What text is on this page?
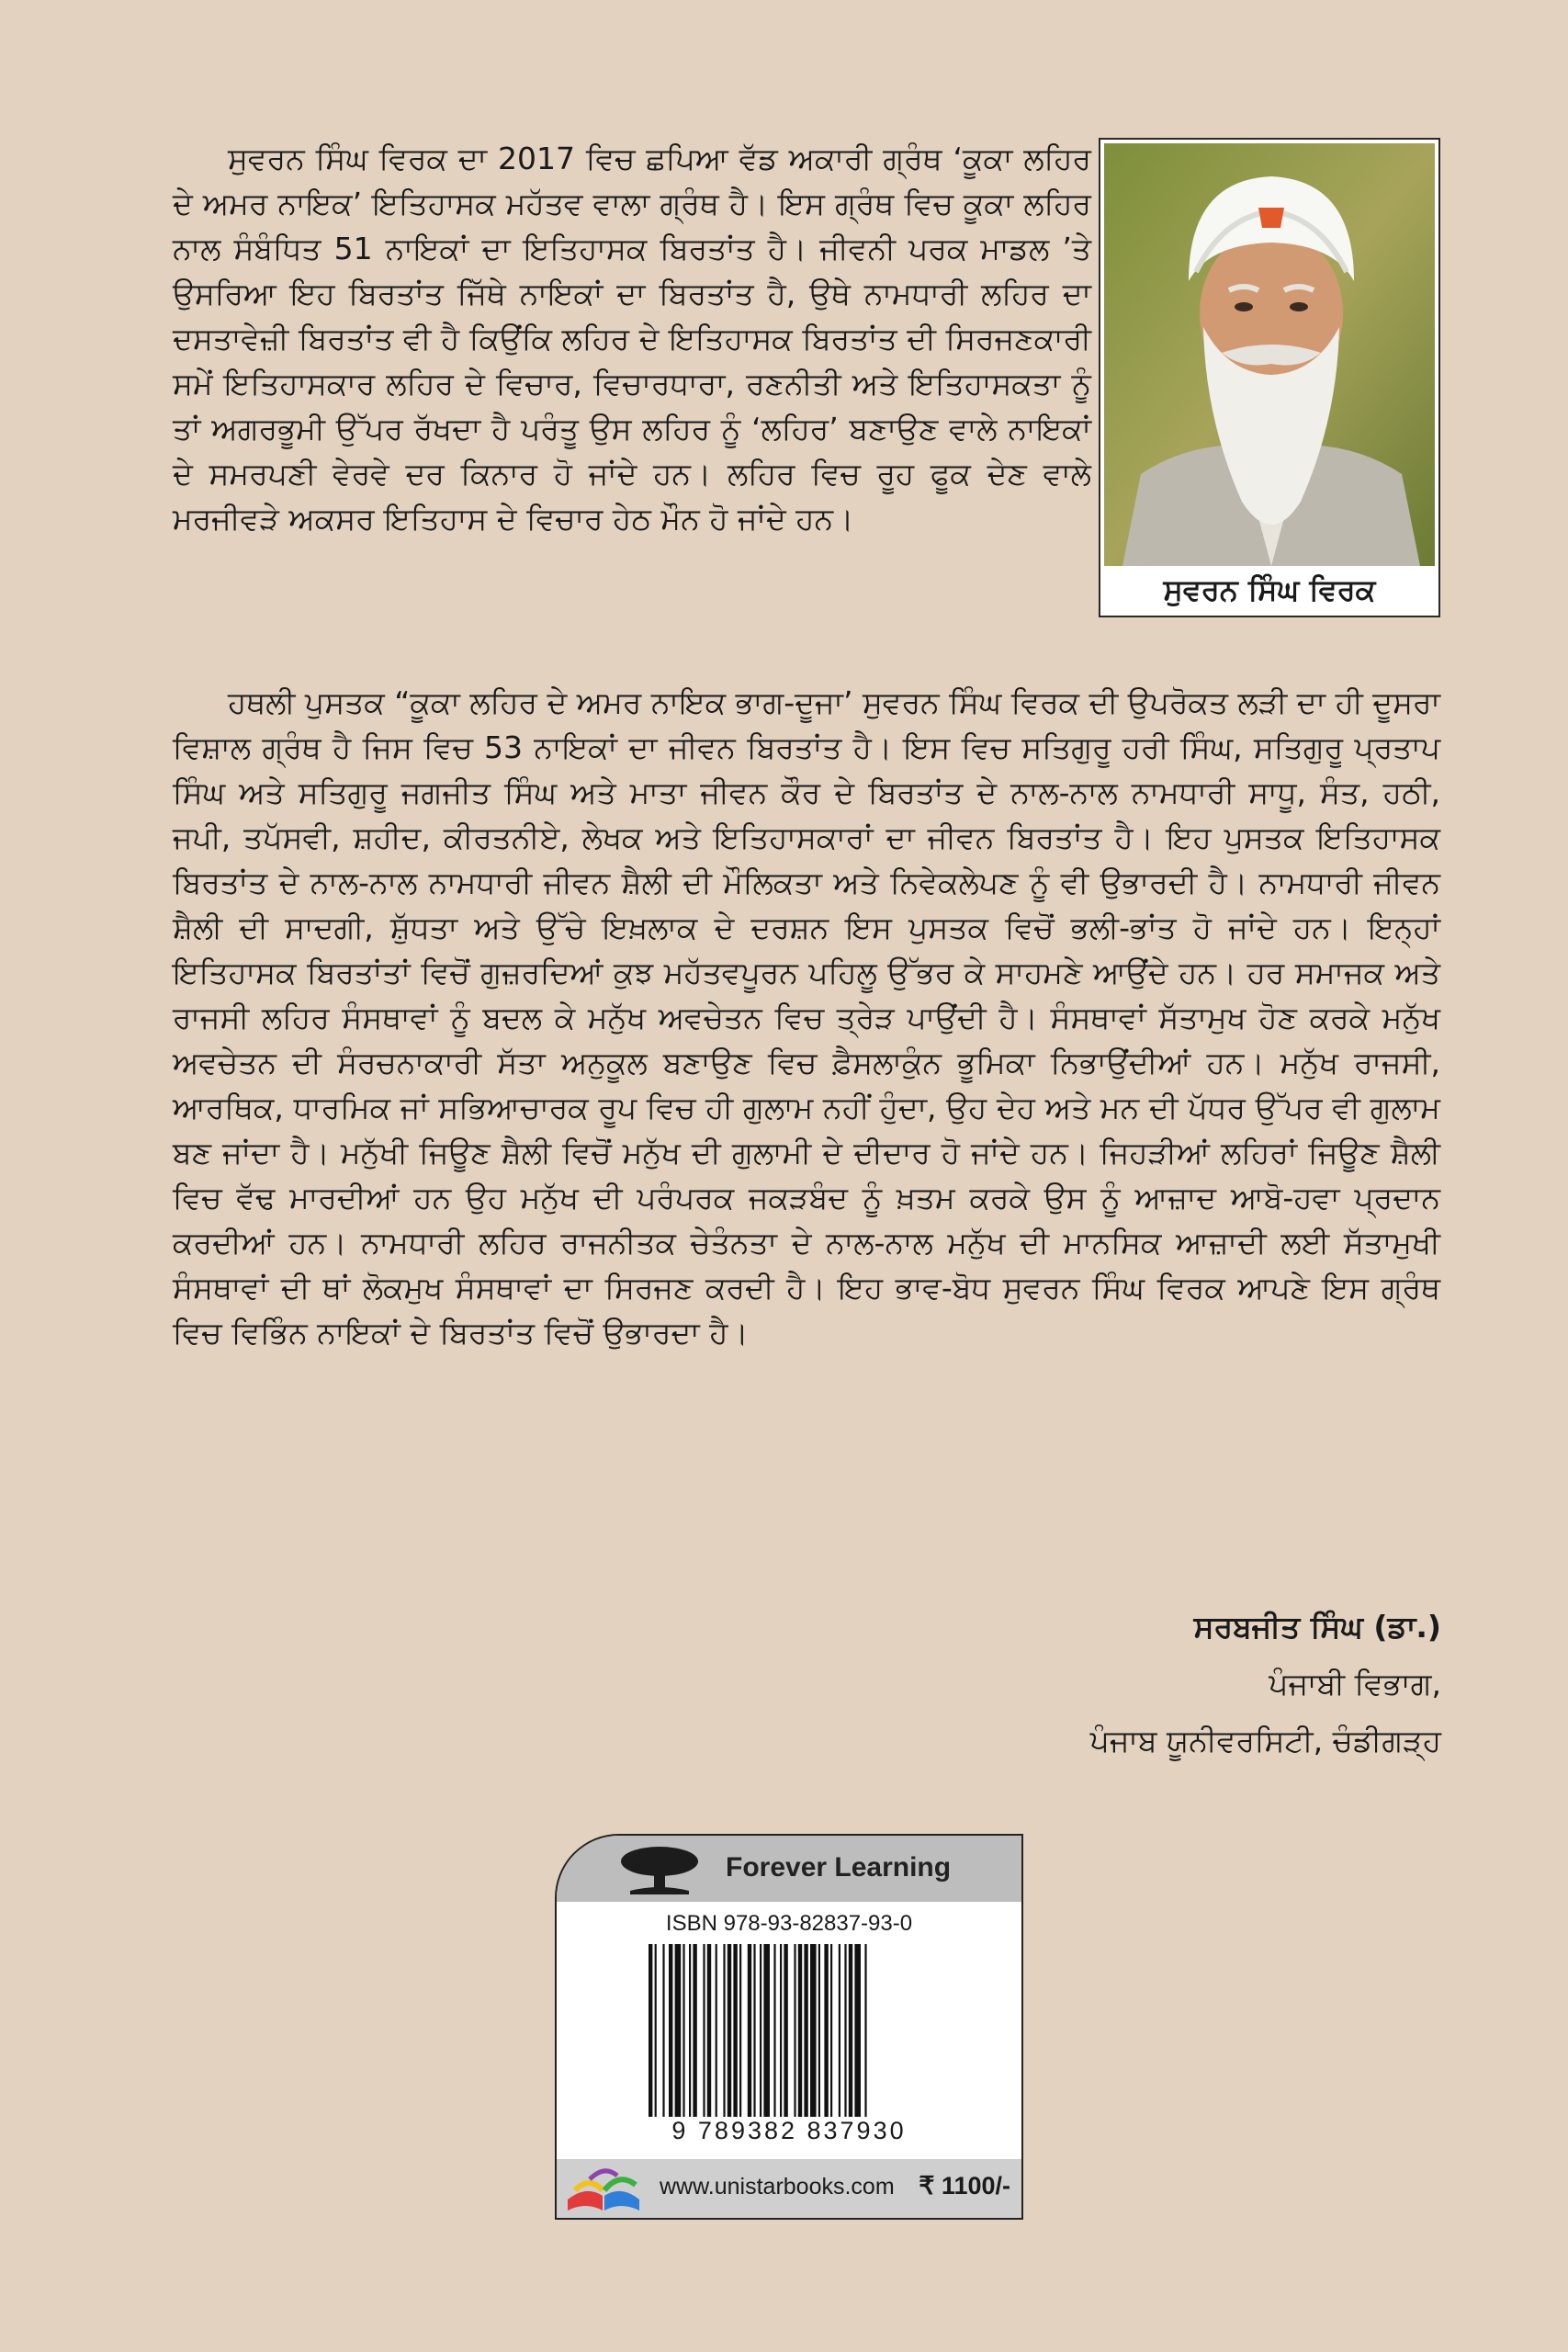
ਸੁਵਰਨ ਸਿੰਘ ਵਿਰਕ ਦਾ 2017 ਵਿਚ ਛਪਿਆ ਵੱਡ ਅਕਾਰੀ ਗ੍ਰੰਥ ‘ਕੂਕਾ ਲਹਿਰ ਦੇ ਅਮਰ ਨਾਇਕ’ ਇਤਿਹਾਸਕ ਮਹੱਤਵ ਵਾਲਾ ਗ੍ਰੰਥ ਹੈ। ਇਸ ਗ੍ਰੰਥ ਵਿਚ ਕੂਕਾ ਲਹਿਰ ਨਾਲ ਸੰਬੰਧਿਤ 51 ਨਾਇਕਾਂ ਦਾ ਇਤਿਹਾਸਕ ਬਿਰਤਾਂਤ ਹੈ। ਜੀਵਨੀ ਪਰਕ ਮਾਡਲ ’ਤੇ ਉਸਰਿਆ ਇਹ ਬਿਰਤਾਂਤ ਜਿੱਥੇ ਨਾਇਕਾਂ ਦਾ ਬਿਰਤਾਂਤ ਹੈ, ਉਥੇ ਨਾਮਧਾਰੀ ਲਹਿਰ ਦਾ ਦਸਤਾਵੇਜ਼ੀ ਬਿਰਤਾਂਤ ਵੀ ਹੈ ਕਿਉਂਕਿ ਲਹਿਰ ਦੇ ਇਤਿਹਾਸਕ ਬਿਰਤਾਂਤ ਦੀ ਸਿਰਜਣਕਾਰੀ ਸਮੇਂ ਇਤਿਹਾਸਕਾਰ ਲਹਿਰ ਦੇ ਵਿਚਾਰ, ਵਿਚਾਰਧਾਰਾ, ਰਣਨੀਤੀ ਅਤੇ ਇਤਿਹਾਸਕਤਾ ਨੂੰ ਤਾਂ ਅਗਰਭੂਮੀ ਉੱਪਰ ਰੱਖਦਾ ਹੈ ਪਰੰਤੂ ਉਸ ਲਹਿਰ ਨੂੰ ‘ਲਹਿਰ’ ਬਣਾਉਣ ਵਾਲੇ ਨਾਇਕਾਂ ਦੇ ਸਮਰਪਣੀ ਵੇਰਵੇ ਦਰ ਕਿਨਾਰ ਹੋ ਜਾਂਦੇ ਹਨ। ਲਹਿਰ ਵਿਚ ਰੂਹ ਫੂਕ ਦੇਣ ਵਾਲੇ ਮਰਜੀਵੜੇ ਅਕਸਰ ਇਤਿਹਾਸ ਦੇ ਵਿਚਾਰ ਹੇਠ ਮੌਨ ਹੋ ਜਾਂਦੇ ਹਨ।

ਸੁਵਰਨ ਸਿੰਘ ਵਿਰਕ

ਹਥਲੀ ਪੁਸਤਕ “ਕੂਕਾ ਲਹਿਰ ਦੇ ਅਮਰ ਨਾਇਕ ਭਾਗ-ਦੂਜਾ’ ਸੁਵਰਨ ਸਿੰਘ ਵਿਰਕ ਦੀ ਉਪਰੋਕਤ ਲੜੀ ਦਾ ਹੀ ਦੂਸਰਾ ਵਿਸ਼ਾਲ ਗ੍ਰੰਥ ਹੈ ਜਿਸ ਵਿਚ 53 ਨਾਇਕਾਂ ਦਾ ਜੀਵਨ ਬਿਰਤਾਂਤ ਹੈ। ਇਸ ਵਿਚ ਸਤਿਗੁਰੂ ਹਰੀ ਸਿੰਘ, ਸਤਿਗੁਰੂ ਪ੍ਰਤਾਪ ਸਿੰਘ ਅਤੇ ਸਤਿਗੁਰੂ ਜਗਜੀਤ ਸਿੰਘ ਅਤੇ ਮਾਤਾ ਜੀਵਨ ਕੌਰ ਦੇ ਬਿਰਤਾਂਤ ਦੇ ਨਾਲ-ਨਾਲ ਨਾਮਧਾਰੀ ਸਾਧੂ, ਸੰਤ, ਹਠੀ, ਜਪੀ, ਤਪੱਸਵੀ, ਸ਼ਹੀਦ, ਕੀਰਤਨੀਏ, ਲੇਖਕ ਅਤੇ ਇਤਿਹਾਸਕਾਰਾਂ ਦਾ ਜੀਵਨ ਬਿਰਤਾਂਤ ਹੈ। ਇਹ ਪੁਸਤਕ ਇਤਿਹਾਸਕ ਬਿਰਤਾਂਤ ਦੇ ਨਾਲ-ਨਾਲ ਨਾਮਧਾਰੀ ਜੀਵਨ ਸ਼ੈਲੀ ਦੀ ਮੌਲਿਕਤਾ ਅਤੇ ਨਿਵੇਕਲੇਪਣ ਨੂੰ ਵੀ ਉਭਾਰਦੀ ਹੈ। ਨਾਮਧਾਰੀ ਜੀਵਨ ਸ਼ੈਲੀ ਦੀ ਸਾਦਗੀ, ਸ਼ੁੱਧਤਾ ਅਤੇ ਉੱਚੇ ਇਖ਼ਲਾਕ ਦੇ ਦਰਸ਼ਨ ਇਸ ਪੁਸਤਕ ਵਿਚੋਂ ਭਲੀ-ਭਾਂਤ ਹੋ ਜਾਂਦੇ ਹਨ। ਇਨ੍ਹਾਂ ਇਤਿਹਾਸਕ ਬਿਰਤਾਂਤਾਂ ਵਿਚੋਂ ਗੁਜ਼ਰਦਿਆਂ ਕੁਝ ਮਹੱਤਵਪੂਰਨ ਪਹਿਲੂ ਉੱਭਰ ਕੇ ਸਾਹਮਣੇ ਆਉਂਦੇ ਹਨ। ਹਰ ਸਮਾਜਕ ਅਤੇ ਰਾਜਸੀ ਲਹਿਰ ਸੰਸਥਾਵਾਂ ਨੂੰ ਬਦਲ ਕੇ ਮਨੁੱਖ ਅਵਚੇਤਨ ਵਿਚ ਤ੍ਰੇੜ ਪਾਉਂਦੀ ਹੈ। ਸੰਸਥਾਵਾਂ ਸੱਤਾਮੁਖ ਹੋਣ ਕਰਕੇ ਮਨੁੱਖ ਅਵਚੇਤਨ ਦੀ ਸੰਰਚਨਾਕਾਰੀ ਸੱਤਾ ਅਨੁਕੂਲ ਬਣਾਉਣ ਵਿਚ ਫ਼ੈਸਲਾਕੁੰਨ ਭੂਮਿਕਾ ਨਿਭਾਉਂਦੀਆਂ ਹਨ। ਮਨੁੱਖ ਰਾਜਸੀ, ਆਰਥਿਕ, ਧਾਰਮਿਕ ਜਾਂ ਸਭਿਆਚਾਰਕ ਰੂਪ ਵਿਚ ਹੀ ਗੁਲਾਮ ਨਹੀਂ ਹੁੰਦਾ, ਉਹ ਦੇਹ ਅਤੇ ਮਨ ਦੀ ਪੱਧਰ ਉੱਪਰ ਵੀ ਗੁਲਾਮ ਬਣ ਜਾਂਦਾ ਹੈ। ਮਨੁੱਖੀ ਜਿਊਣ ਸ਼ੈਲੀ ਵਿਚੋਂ ਮਨੁੱਖ ਦੀ ਗੁਲਾਮੀ ਦੇ ਦੀਦਾਰ ਹੋ ਜਾਂਦੇ ਹਨ। ਜਿਹੜੀਆਂ ਲਹਿਰਾਂ ਜਿਊਣ ਸ਼ੈਲੀ ਵਿਚ ਵੱਢ ਮਾਰਦੀਆਂ ਹਨ ਉਹ ਮਨੁੱਖ ਦੀ ਪਰੰਪਰਕ ਜਕੜਬੰਦ ਨੂੰ ਖ਼ਤਮ ਕਰਕੇ ਉਸ ਨੂੰ ਆਜ਼ਾਦ ਆਬੋ-ਹਵਾ ਪ੍ਰਦਾਨ ਕਰਦੀਆਂ ਹਨ। ਨਾਮਧਾਰੀ ਲਹਿਰ ਰਾਜਨੀਤਕ ਚੇਤੰਨਤਾ ਦੇ ਨਾਲ-ਨਾਲ ਮਨੁੱਖ ਦੀ ਮਾਨਸਿਕ ਆਜ਼ਾਦੀ ਲਈ ਸੱਤਾਮੁਖੀ ਸੰਸਥਾਵਾਂ ਦੀ ਥਾਂ ਲੋਕਮੁਖ ਸੰਸਥਾਵਾਂ ਦਾ ਸਿਰਜਣ ਕਰਦੀ ਹੈ। ਇਹ ਭਾਵ-ਬੋਧ ਸੁਵਰਨ ਸਿੰਘ ਵਿਰਕ ਆਪਣੇ ਇਸ ਗ੍ਰੰਥ ਵਿਚ ਵਿਭਿੰਨ ਨਾਇਕਾਂ ਦੇ ਬਿਰਤਾਂਤ ਵਿਚੋਂ ਉਭਾਰਦਾ ਹੈ।

ਸਰਬਜੀਤ ਸਿੰਘ (ਡਾ.)
ਪੰਜਾਬੀ ਵਿਭਾਗ,
ਪੰਜਾਬ ਯੂਨੀਵਰਸਿਟੀ, ਚੰਡੀਗੜ੍ਹ
Forever Learning
ISBN 978-93-82837-93-0
9 789382 837930
www.unistarbooks.com ₹ 1100/-
